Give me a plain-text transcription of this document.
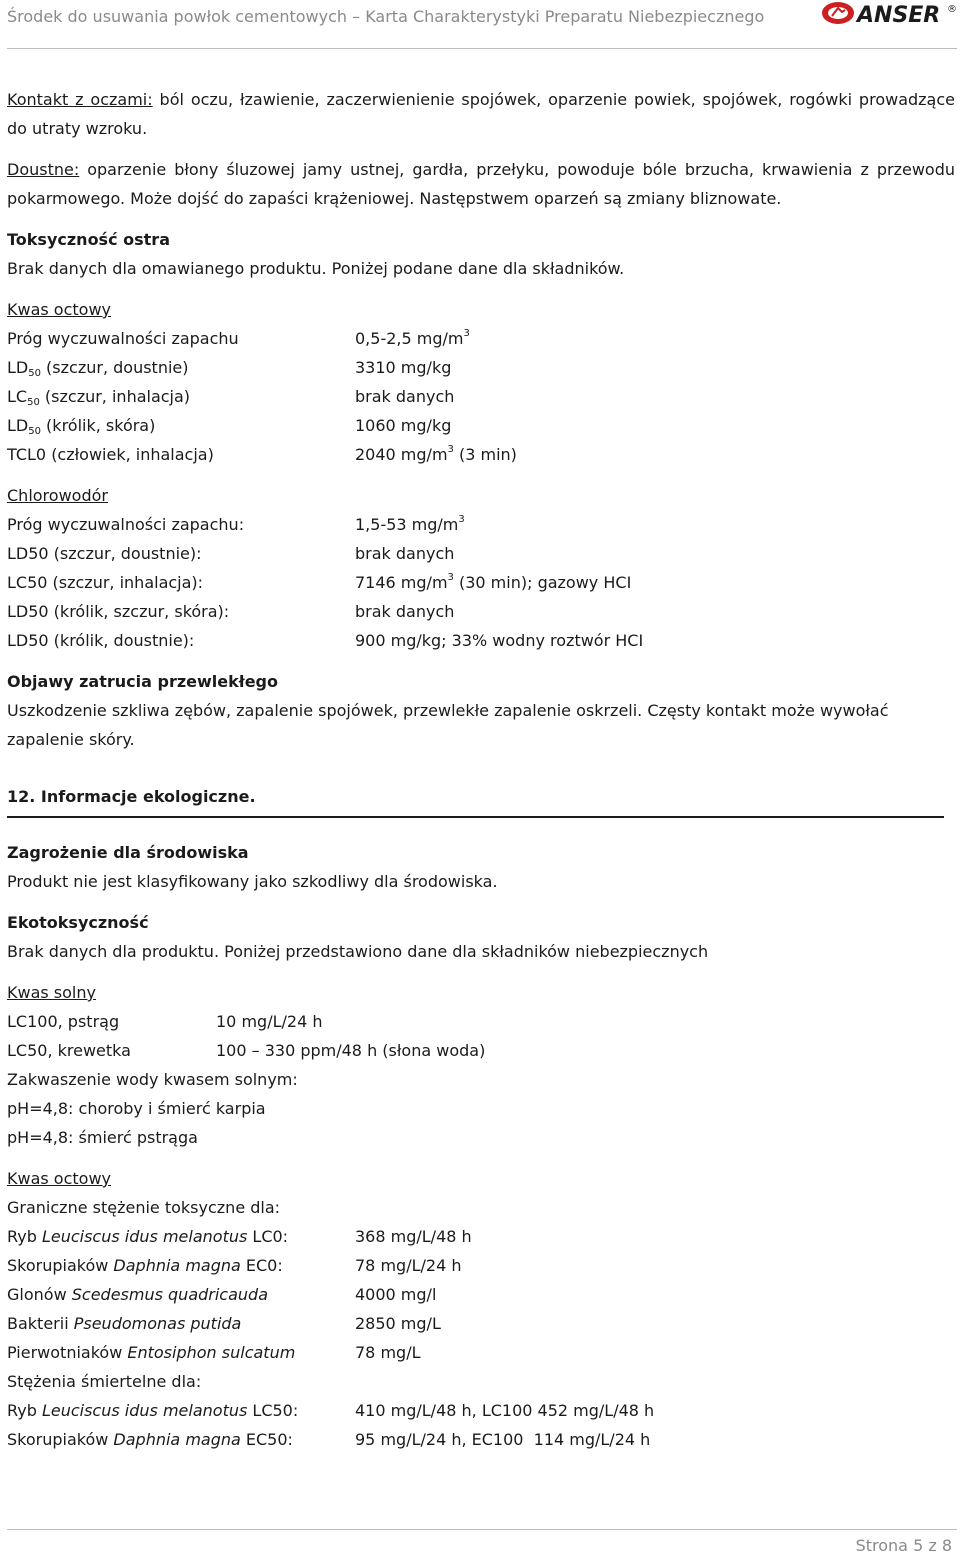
Środek do usuwania powłok cementowych – Karta Charakterystyki Preparatu Niebezpiecznego	ANSER ®

Kontakt z oczami: ból oczu, łzawienie, zaczerwienienie spojówek, oparzenie powiek, spojówek, rogówki prowadzące do utraty wzroku.

Doustne: oparzenie błony śluzowej jamy ustnej, gardła, przełyku, powoduje bóle brzucha, krwawienia z przewodu pokarmowego. Może dojść do zapaści krążeniowej. Następstwem oparzeń są zmiany bliznowate.

Toksyczność ostra

Brak danych dla omawianego produktu. Poniżej podane dane dla składników.

Kwas octowy

Próg wyczuwalności zapachu	0,5-2,5 $mg/m^3$
$LD_{50}$ (szczur, doustnie)	3310 mg/kg
$LC_{50}$ (szczur, inhalacja)	brak danych
$LD_{50}$ (królik, skóra)	1060 mg/kg
TCL0 (człowiek, inhalacja)	2040 $mg/m^3$ (3 min)

Chlorowodór

Próg wyczuwalności zapachu:	1,5-53 $mg/m^3$
LD50 (szczur, doustnie):	brak danych
LC50 (szczur, inhalacja):	7146 $mg/m^3$ (30 min); gazowy HCI
LD50 (królik, szczur, skóra):	brak danych
LD50 (królik, doustnie):	900 mg/kg; 33% wodny roztwór HCI

Objawy zatrucia przewlekłego

Uszkodzenie szkliwa zębów, zapalenie spojówek, przewlekłe zapalenie oskrzeli. Częsty kontakt może wywołać zapalenie skóry.

12. Informacje ekologiczne.

Zagrożenie dla środowiska

Produkt nie jest klasyfikowany jako szkodliwy dla środowiska.

Ekotoksyczność

Brak danych dla produktu. Poniżej przedstawiono dane dla składników niebezpiecznych

Kwas solny

LC100, pstrąg	10 mg/L/24 h
LC50, krewetka	100 – 330 ppm/48 h (słona woda)

Zakwaszenie wody kwasem solnym:

pH=4,8: choroby i śmierć karpia

pH=4,8: śmierć pstrąga

Kwas octowy

Graniczne stężenie toksyczne dla:

Ryb Leuciscus idus melanotus LC0:	368 mg/L/48 h
Skorupiaków Daphnia magna EC0:	78 mg/L/24 h
Glonów Scedesmus quadricauda	4000 mg/l
Bakterii Pseudomonas putida	2850 mg/L
Pierwotniaków Entosiphon sulcatum	78 mg/L

Stężenia śmiertelne dla:

Ryb Leuciscus idus melanotus LC50:	410 mg/L/48 h, LC100 452 mg/L/48 h
Skorupiaków Daphnia magna EC50:	95 mg/L/24 h, EC100  114 mg/L/24 h
Strona 5 z 8
